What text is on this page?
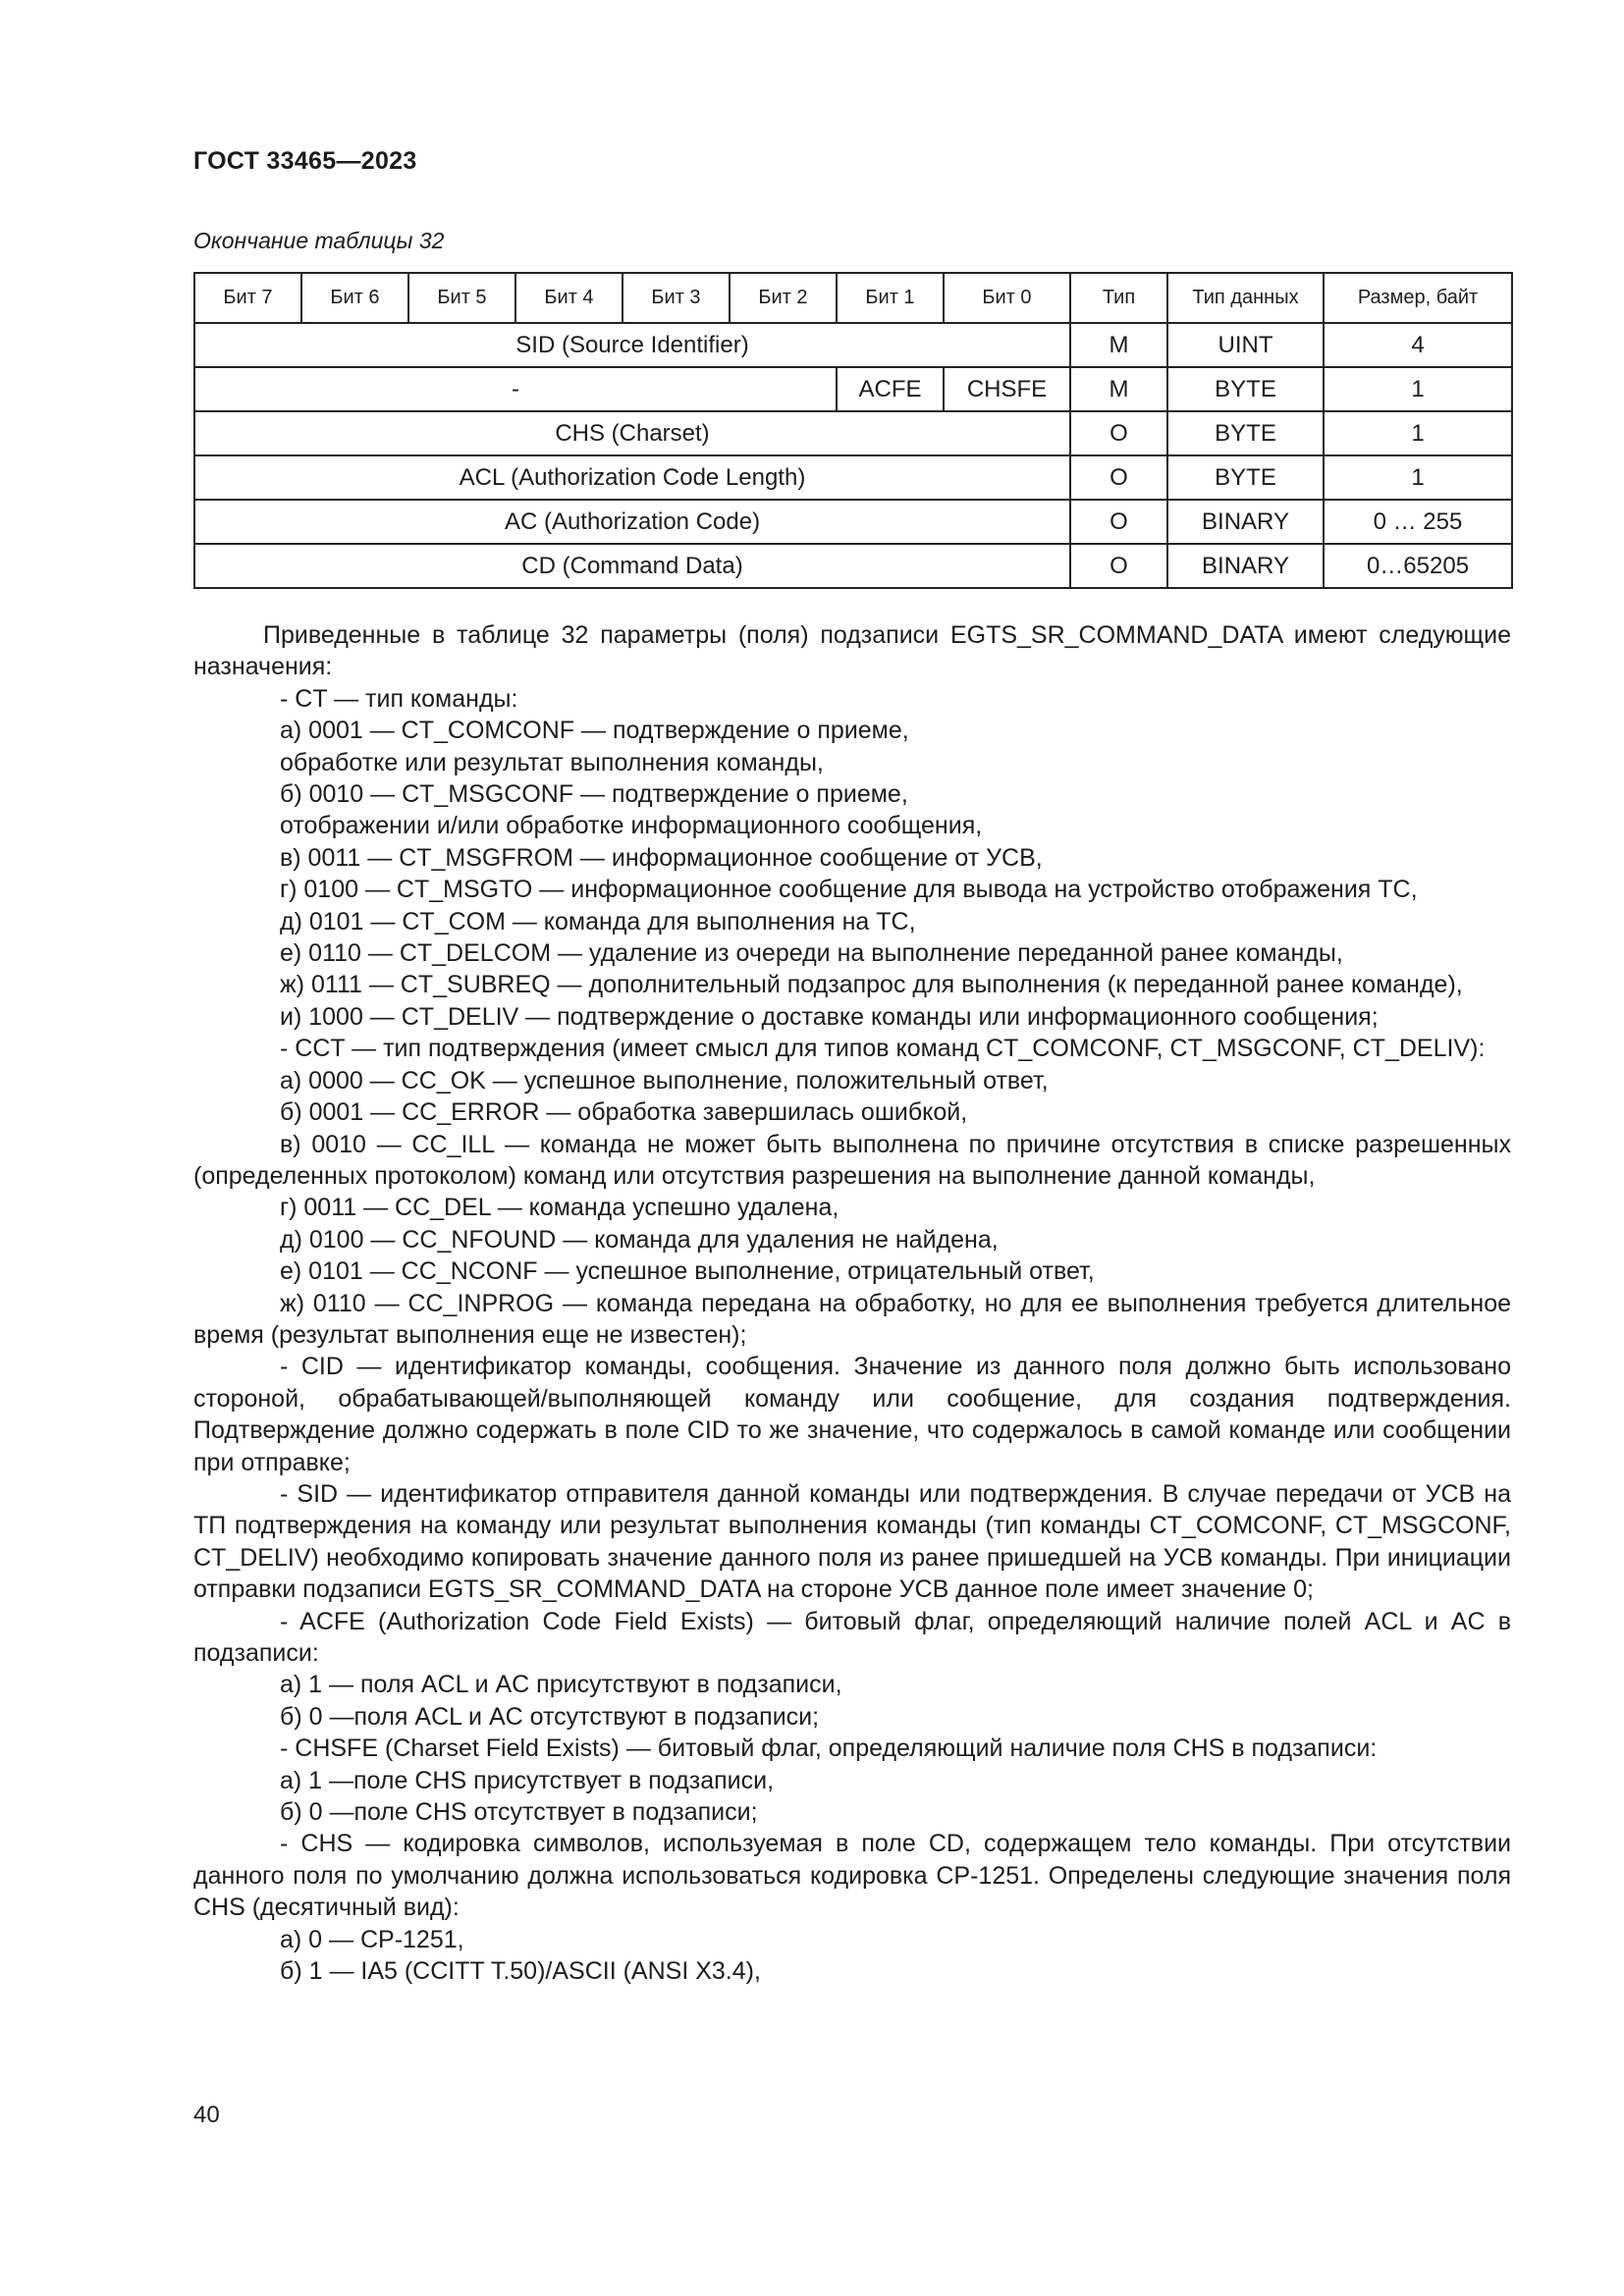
ГОСТ 33465—2023
Окончание таблицы 32
Бит 7	Бит 6	Бит 5	Бит 4	Бит 3	Бит 2	Бит 1	Бит 0	Тип	Тип данных	Размер, байт
SID (Source Identifier)								M	UINT	4
-						ACFE	CHSFE	M	BYTE	1
CHS (Charset)								O	BYTE	1
ACL (Authorization Code Length)								O	BYTE	1
AC (Authorization Code)								O	BINARY	0 … 255
CD (Command Data)								O	BINARY	0…65205

Приведенные в таблице 32 параметры (поля) подзаписи EGTS_SR_COMMAND_DATA имеют следующие назначения:

- CT — тип команды:

а) 0001 — CT_COMCONF — подтверждение о приеме,

обработке или результат выполнения команды,

б) 0010 — CT_MSGCONF — подтверждение о приеме,

отображении и/или обработке информационного сообщения,

в) 0011 — CT_MSGFROM — информационное сообщение от УСВ,

г) 0100 — CT_MSGTO — информационное сообщение для вывода на устройство отображения ТС,

д) 0101 — CT_COM — команда для выполнения на ТС,

е) 0110 — CT_DELCOM — удаление из очереди на выполнение переданной ранее команды,

ж) 0111 — CT_SUBREQ — дополнительный подзапрос для выполнения (к переданной ранее команде),

и) 1000 — CT_DELIV — подтверждение о доставке команды или информационного сообщения;

- CCT — тип подтверждения (имеет смысл для типов команд CT_COMCONF, CT_MSGCONF, CT_DELIV):

а) 0000 — CC_OK — успешное выполнение, положительный ответ,

б) 0001 — CC_ERROR — обработка завершилась ошибкой,

в) 0010 — CC_ILL — команда не может быть выполнена по причине отсутствия в списке разрешенных (определенных протоколом) команд или отсутствия разрешения на выполнение данной команды,

г) 0011 — CC_DEL — команда успешно удалена,

д) 0100 — CC_NFOUND — команда для удаления не найдена,

е) 0101 — CC_NCONF — успешное выполнение, отрицательный ответ,

ж) 0110 — CC_INPROG — команда передана на обработку, но для ее выполнения требуется длительное время (результат выполнения еще не известен);

- CID — идентификатор команды, сообщения. Значение из данного поля должно быть использовано стороной, обрабатывающей/выполняющей команду или сообщение, для создания подтверждения. Подтверждение должно содержать в поле CID то же значение, что содержалось в самой команде или сообщении при отправке;

- SID — идентификатор отправителя данной команды или подтверждения. В случае передачи от УСВ на ТП подтверждения на команду или результат выполнения команды (тип команды CT_COMCONF, CT_MSGCONF, CT_DELIV) необходимо копировать значение данного поля из ранее пришедшей на УСВ команды. При инициации отправки подзаписи EGTS_SR_COMMAND_DATA на стороне УСВ данное поле имеет значение 0;

- ACFE (Authorization Code Field Exists) — битовый флаг, определяющий наличие полей ACL и AC в подзаписи:

а) 1 — поля ACL и AC присутствуют в подзаписи,

б) 0 —поля ACL и AC отсутствуют в подзаписи;

- CHSFE (Charset Field Exists) — битовый флаг, определяющий наличие поля CHS в подзаписи:

а) 1 —поле CHS присутствует в подзаписи,

б) 0 —поле CHS отсутствует в подзаписи;

- CHS — кодировка символов, используемая в поле CD, содержащем тело команды. При отсутствии данного поля по умолчанию должна использоваться кодировка CP-1251. Определены следующие значения поля CHS (десятичный вид):

а) 0 — CP-1251,

б) 1 — IA5 (CCITT T.50)/ASCII (ANSI X3.4),

40
